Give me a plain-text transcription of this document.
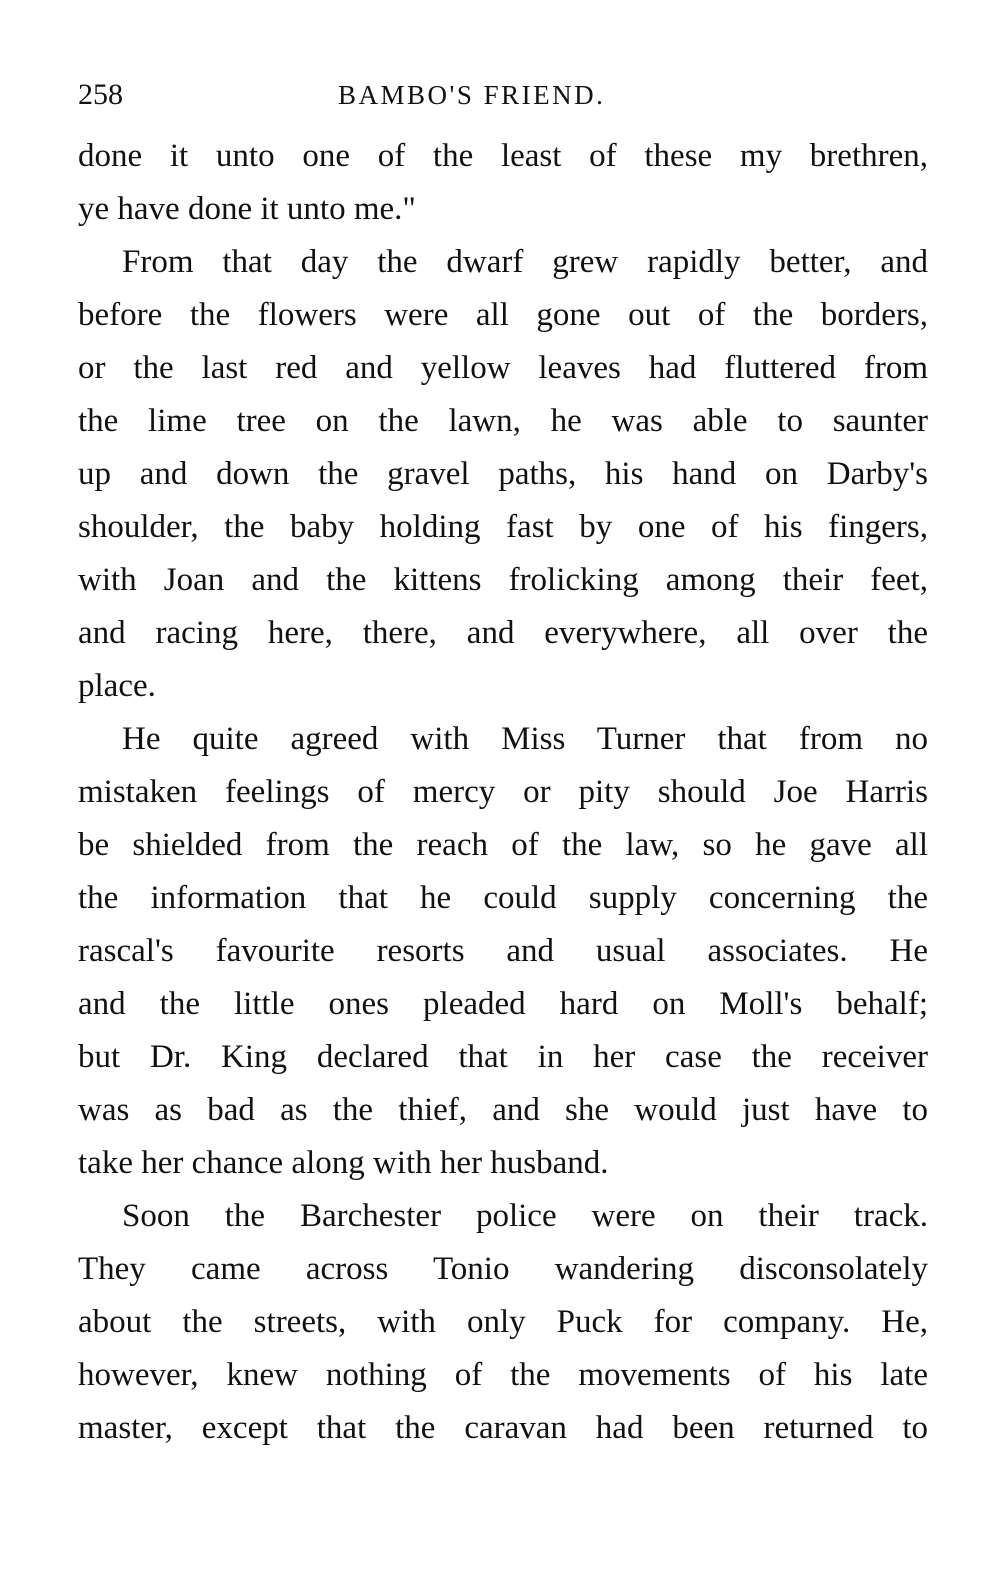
258	BAMBO'S FRIEND.
done it unto one of the least of these my brethren,
ye have done it unto me."
From that day the dwarf grew rapidly better, and
before the flowers were all gone out of the borders,
or the last red and yellow leaves had fluttered from
the lime tree on the lawn, he was able to saunter
up and down the gravel paths, his hand on Darby's
shoulder, the baby holding fast by one of his fingers,
with Joan and the kittens frolicking among their feet,
and racing here, there, and everywhere, all over the
place.
He quite agreed with Miss Turner that from no
mistaken feelings of mercy or pity should Joe Harris
be shielded from the reach of the law, so he gave all
the information that he could supply concerning the
rascal's favourite resorts and usual associates. He
and the little ones pleaded hard on Moll's behalf;
but Dr. King declared that in her case the receiver
was as bad as the thief, and she would just have to
take her chance along with her husband.
Soon the Barchester police were on their track.
They came across Tonio wandering disconsolately
about the streets, with only Puck for company. He,
however, knew nothing of the movements of his late
master, except that the caravan had been returned to
